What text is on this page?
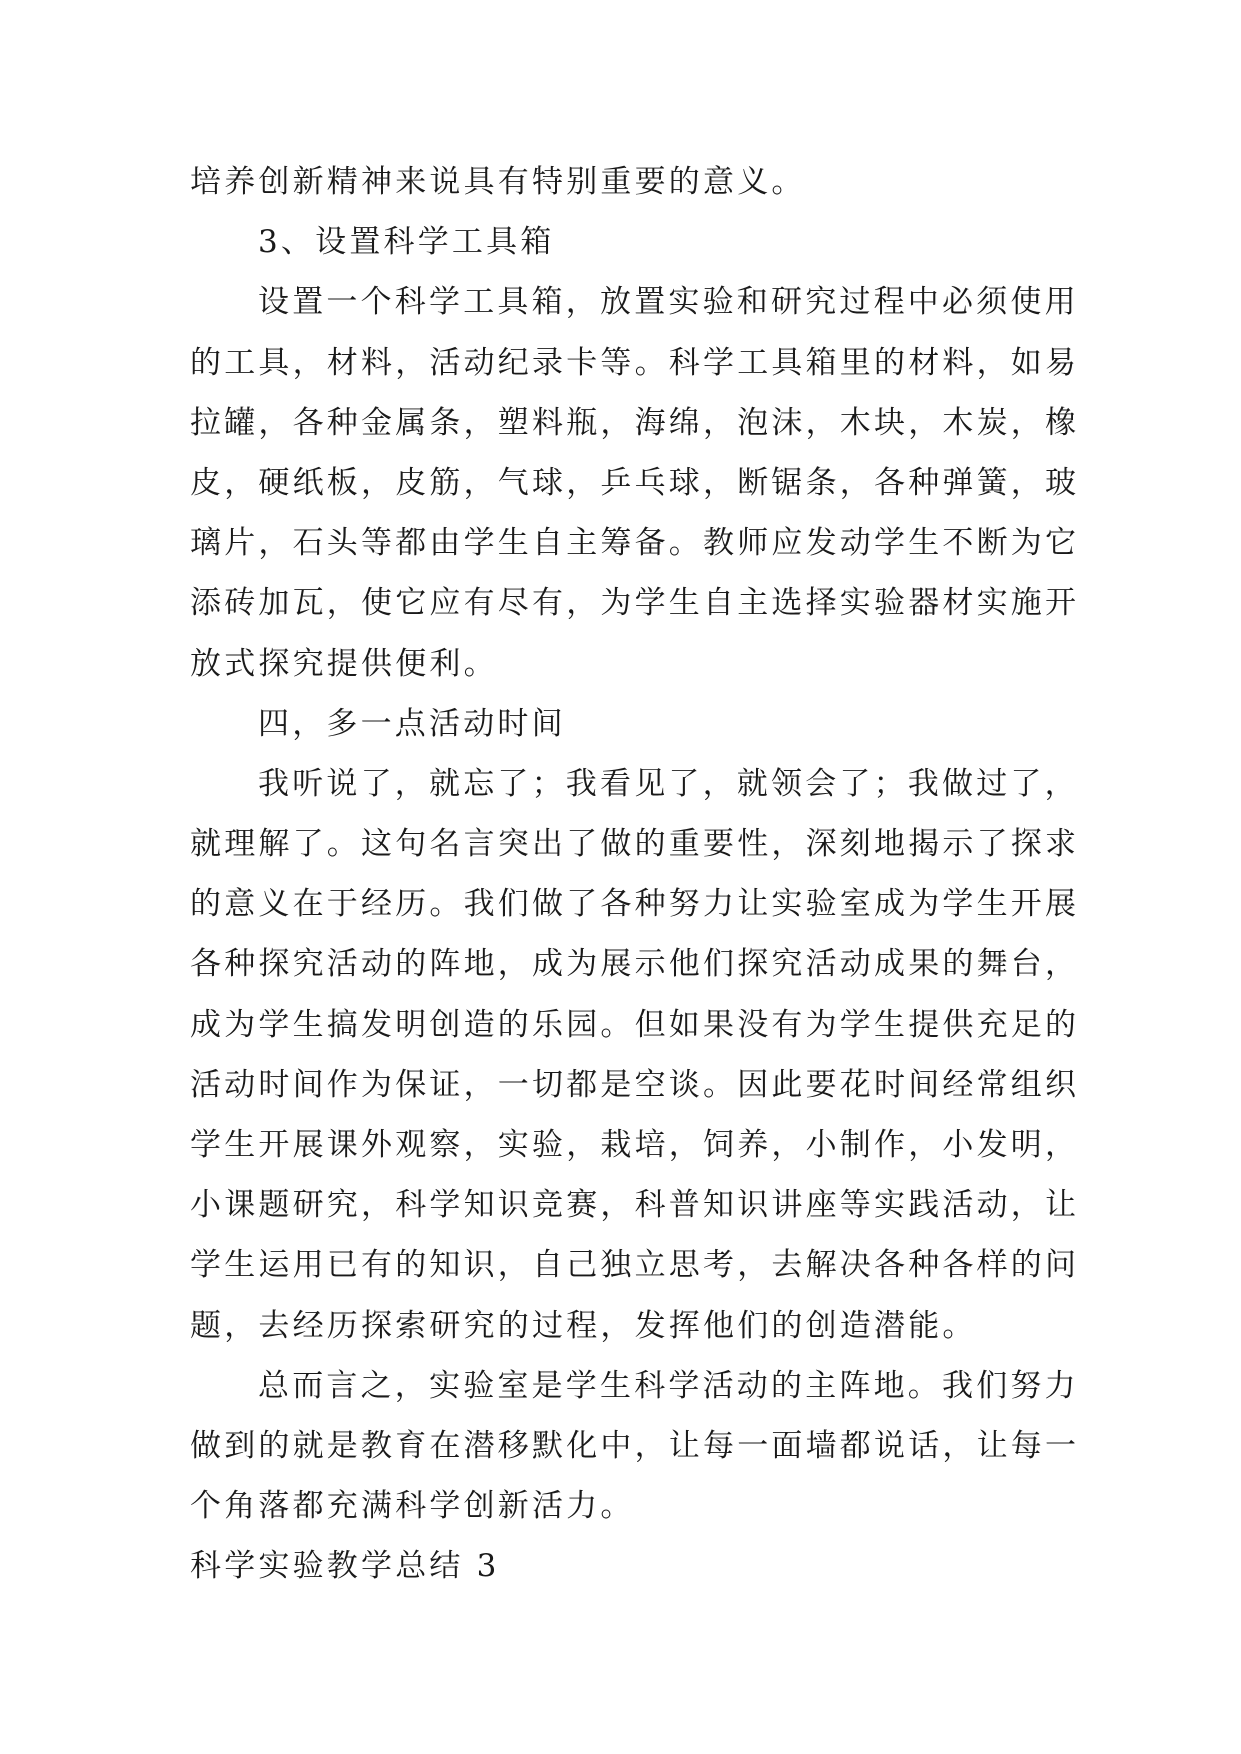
培养创新精神来说具有特别重要的意义。
3、设置科学工具箱
设置一个科学工具箱，放置实验和研究过程中必须使用
的工具，材料，活动纪录卡等。科学工具箱里的材料，如易
拉罐，各种金属条，塑料瓶，海绵，泡沫，木块，木炭，橡
皮，硬纸板，皮筋，气球，乒乓球，断锯条，各种弹簧，玻
璃片，石头等都由学生自主筹备。教师应发动学生不断为它
添砖加瓦，使它应有尽有，为学生自主选择实验器材实施开
放式探究提供便利。
四，多一点活动时间
我听说了，就忘了；我看见了，就领会了；我做过了，
就理解了。这句名言突出了做的重要性，深刻地揭示了探求
的意义在于经历。我们做了各种努力让实验室成为学生开展
各种探究活动的阵地，成为展示他们探究活动成果的舞台，
成为学生搞发明创造的乐园。但如果没有为学生提供充足的
活动时间作为保证，一切都是空谈。因此要花时间经常组织
学生开展课外观察，实验，栽培，饲养，小制作，小发明，
小课题研究，科学知识竞赛，科普知识讲座等实践活动，让
学生运用已有的知识，自己独立思考，去解决各种各样的问
题，去经历探索研究的过程，发挥他们的创造潜能。
总而言之，实验室是学生科学活动的主阵地。我们努力
做到的就是教育在潜移默化中，让每一面墙都说话，让每一
个角落都充满科学创新活力。
科学实验教学总结 3
